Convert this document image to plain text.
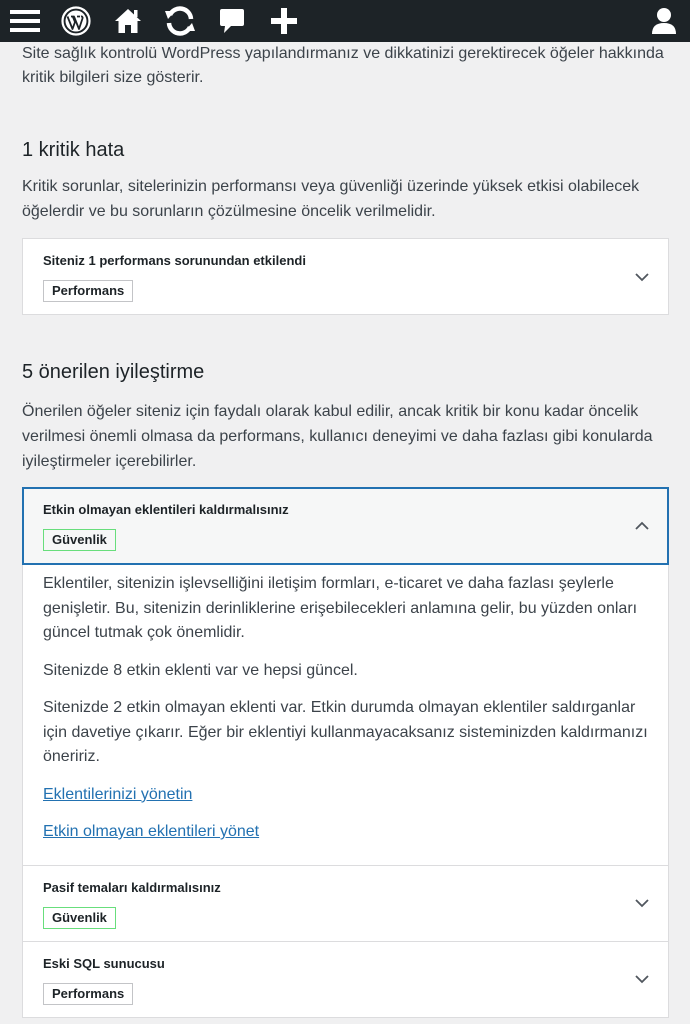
Site sağlık kontrolü WordPress yapılandırmanız ve dikkatinizi gerektirecek öğeler hakkında kritik bilgileri size gösterir.

1 kritik hata

Kritik sorunlar, sitelerinizin performansı veya güvenliği üzerinde yüksek etkisi olabilecek öğelerdir ve bu sorunların çözülmesine öncelik verilmelidir.

Siteniz 1 performans sorunundan etkilendi
Performans
5 önerilen iyileştirme

Önerilen öğeler siteniz için faydalı olarak kabul edilir, ancak kritik bir konu kadar öncelik verilmesi önemli olmasa da performans, kullanıcı deneyimi ve daha fazlası gibi konularda iyileştirmeler içerebilirler.

Etkin olmayan eklentileri kaldırmalısınız
Güvenlik

Eklentiler, sitenizin işlevselliğini iletişim formları, e-ticaret ve daha fazlası şeylerle genişletir. Bu, sitenizin derinliklerine erişebilecekleri anlamına gelir, bu yüzden onları güncel tutmak çok önemlidir.

Sitenizde 8 etkin eklenti var ve hepsi güncel.

Sitenizde 2 etkin olmayan eklenti var. Etkin durumda olmayan eklentiler saldırganlar için davetiye çıkarır. Eğer bir eklentiyi kullanmayacaksanız sisteminizden kaldırmanızı öneririz.

Eklentilerinizi yönetin
Etkin olmayan eklentileri yönet
Pasif temaları kaldırmalısınız
Güvenlik
Eski SQL sunucusu
Performans
